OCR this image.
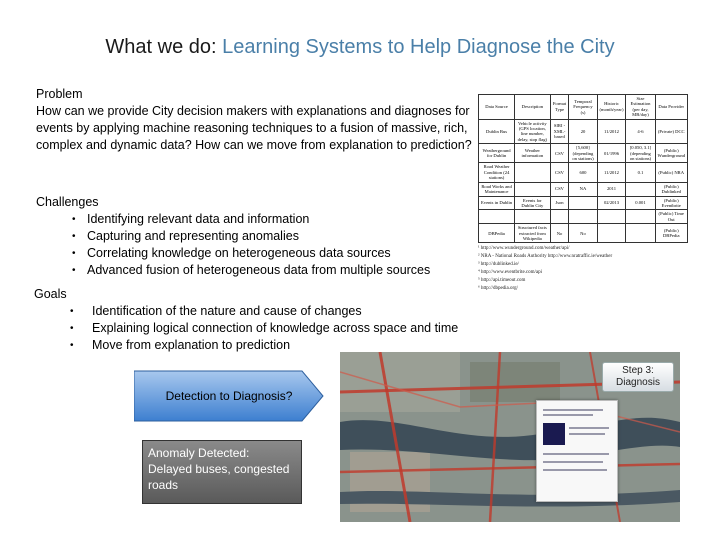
What we do: Learning Systems to Help Diagnose the City
Problem
How can we provide City decision makers with explanations and diagnoses for events by applying machine reasoning techniques to a fusion of massive, rich, complex and dynamic data? How can we move from explanation to prediction?
Challenges
• Identifying relevant data and information
• Capturing and representing anomalies
• Correlating knowledge on heterogeneous data sources
• Advanced fusion of heterogeneous data from multiple sources
Goals
• Identification of the nature and cause of changes
• Explaining logical connection of knowledge across space and time
• Move from explanation to prediction
Data Source	Description	Format Type	Temporal Frequency (s)	Historic (month/year)	Size Estimation (per day, MB/day)	Data Provider
Dublin Bus	Vehicle activity (GPS location, line number, delay, stop flag)	SIRI - XML-based	20	11/2012	4-6	(Private) DCC
Weatherground for Dublin	Weather information	CSV	[5,600] (depending on stations)	01/1996	[0.050, 3.1] (depending on stations)	(Public) Wunderground
Road Weather Condition (24 stations)		CSV	600	11/2012	0.1	(Public) NRA
Road Works and Maintenance		CSV	NA	2011		(Public) Dublinked
Events in Dublin	Events for Dublin City	Json		02/2013	0.001	(Public) Eventbrite
						(Public) Time Out
DBPedia	Structured facts extracted from Wikipedia	No	No			(Public) DBPedia
¹ http://www.wunderground.com/weather/api/
² NRA - National Roads Authority http://www.nratraffic.ie/weather
³ http://dublinked.ie/
⁴ http://www.eventbrite.com/api
⁵ http://api.timeout.com
⁶ http://dbpedia.org/
Step 3:
Diagnosis
Detection to Diagnosis?
Anomaly Detected: Delayed buses, congested roads
